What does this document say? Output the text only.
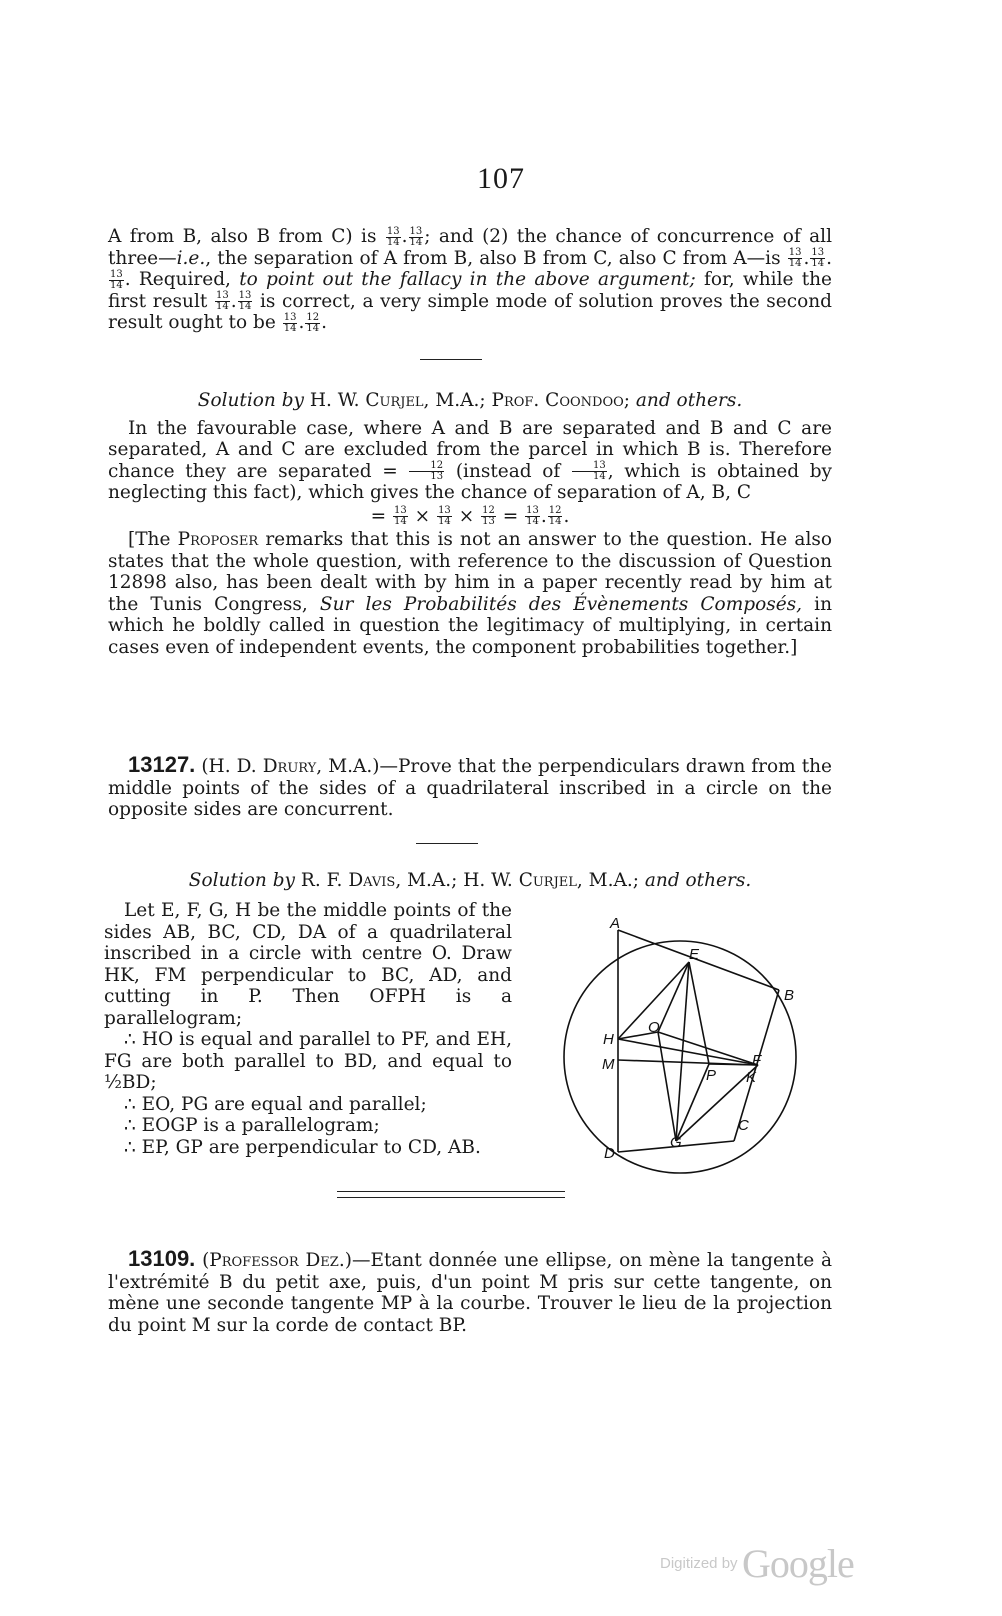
107

A from B, also B from C) is $\frac{13}{14}$ . $\frac{13}{14}$ ; and (2) the chance of concurrence of all three—i.e., the separation of A from B, also B from C, also C from A—is $\frac{13}{14}$ . $\frac{13}{14}$ .
$\frac{13}{14}$ . Required, to point out the fallacy in the above argument; for, while the first result $\frac{13}{14}$ . $\frac{13}{14}$ is correct, a very simple mode of solution proves the second result ought to be $\frac{13}{14}$ . $\frac{12}{14}$ .

Solution by H. W. Curjel, M.A.; Prof. Coondoo; and others.

In the favourable case, where A and B are separated and B and C are separated, A and C are excluded from the parcel in which B is. Therefore chance they are separated = $\frac{12}{13}$ (instead of $\frac{13}{14}$ , which is obtained by neglecting this fact), which gives the chance of separation of A, B, C

= $\frac{13}{14} \times \frac{13}{14} \times \frac{12}{13} = \frac{13}{14}$ . $\frac{12}{14}$ .

[The Proposer remarks that this is not an answer to the question. He also states that the whole question, with reference to the discussion of Question 12898 also, has been dealt with by him in a paper recently read by him at the Tunis Congress, Sur les Probabilités des Évènements Composés, in which he boldly called in question the legitimacy of multiplying, in certain cases even of independent events, the component probabilities together.]

13127. (H. D. Drury, M.A.)—Prove that the perpendiculars drawn from the middle points of the sides of a quadrilateral inscribed in a circle on the opposite sides are concurrent.

Solution by R. F. Davis, M.A.; H. W. Curjel, M.A.; and others.

Let E, F, G, H be the middle points of the sides AB, BC, CD, DA of a quadrilateral inscribed in a circle with centre O. Draw HK, FM perpendicular to BC, AD, and cutting in P. Then OFPH is a parallelogram;

∴ HO is equal and parallel to PF, and EH, FG are both parallel to BD, and equal to ½BD;

∴ EO, PG are equal and parallel;

∴ EOGP is a parallelogram;

∴ EP, GP are perpendicular to CD, AB.

A
E
B
O
H
M	F
K
P
C
G
D

13109. (Professor Dez.)—Etant donnée une ellipse, on mène la tangente à l'extrémité B du petit axe, puis, d'un point M pris sur cette tangente, on mène une seconde tangente MP à la courbe. Trouver le lieu de la projection du point M sur la corde de contact BP.

Digitized by Google
